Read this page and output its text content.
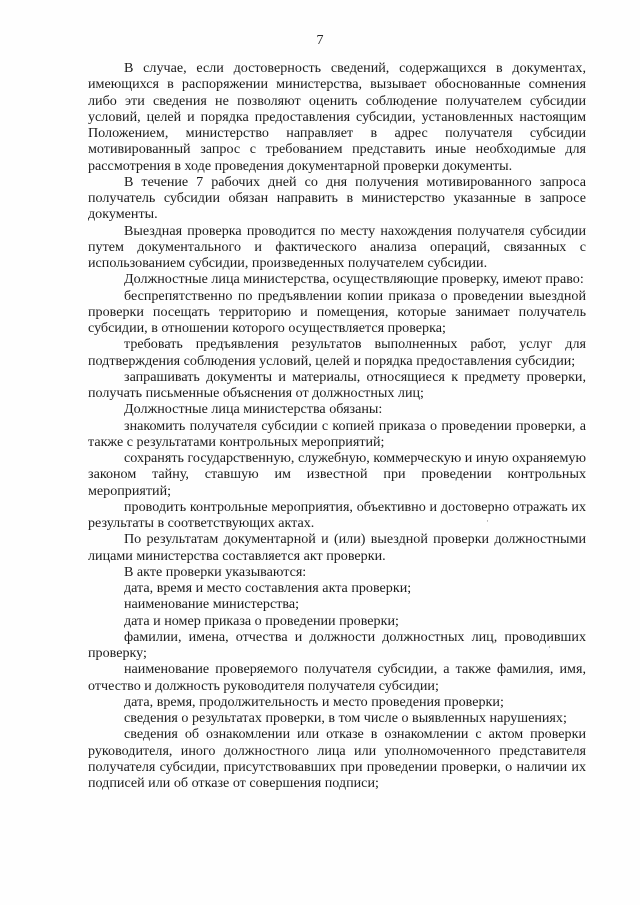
7

В случае, если достоверность сведений, содержащихся в документах, имеющихся в распоряжении министерства, вызывает обоснованные сомнения либо эти сведения не позволяют оценить соблюдение получателем субсидии условий, целей и порядка предоставления субсидии, установленных настоящим Положением, министерство направляет в адрес получателя субсидии мотивированный запрос с требованием представить иные необходимые для рассмотрения в ходе проведения документарной проверки документы.

В течение 7 рабочих дней со дня получения мотивированного запроса получатель субсидии обязан направить в министерство указанные в запросе документы.

Выездная проверка проводится по месту нахождения получателя субсидии путем документального и фактического анализа операций, связанных с использованием субсидии, произведенных получателем субсидии.

Должностные лица министерства, осуществляющие проверку, имеют право:

беспрепятственно по предъявлении копии приказа о проведении выездной проверки посещать территорию и помещения, которые занимает получатель субсидии, в отношении которого осуществляется проверка;

требовать предъявления результатов выполненных работ, услуг для подтверждения соблюдения условий, целей и порядка предоставления субсидии;

запрашивать документы и материалы, относящиеся к предмету проверки, получать письменные объяснения от должностных лиц;

Должностные лица министерства обязаны:

знакомить получателя субсидии с копией приказа о проведении проверки, а также с результатами контрольных мероприятий;

сохранять государственную, служебную, коммерческую и иную охраняемую законом тайну, ставшую им известной при проведении контрольных мероприятий;

проводить контрольные мероприятия, объективно и достоверно отражать их результаты в соответствующих актах.

По результатам документарной и (или) выездной проверки должностными лицами министерства составляется акт проверки.

В акте проверки указываются:

дата, время и место составления акта проверки;

наименование министерства;

дата и номер приказа о проведении проверки;

фамилии, имена, отчества и должности должностных лиц, проводивших проверку;

наименование проверяемого получателя субсидии, а также фамилия, имя, отчество и должность руководителя получателя субсидии;

дата, время, продолжительность и место проведения проверки;

сведения о результатах проверки, в том числе о выявленных нарушениях;

сведения об ознакомлении или отказе в ознакомлении с актом проверки руководителя, иного должностного лица или уполномоченного представителя получателя субсидии, присутствовавших при проведении проверки, о наличии их подписей или об отказе от совершения подписи;

·
·
